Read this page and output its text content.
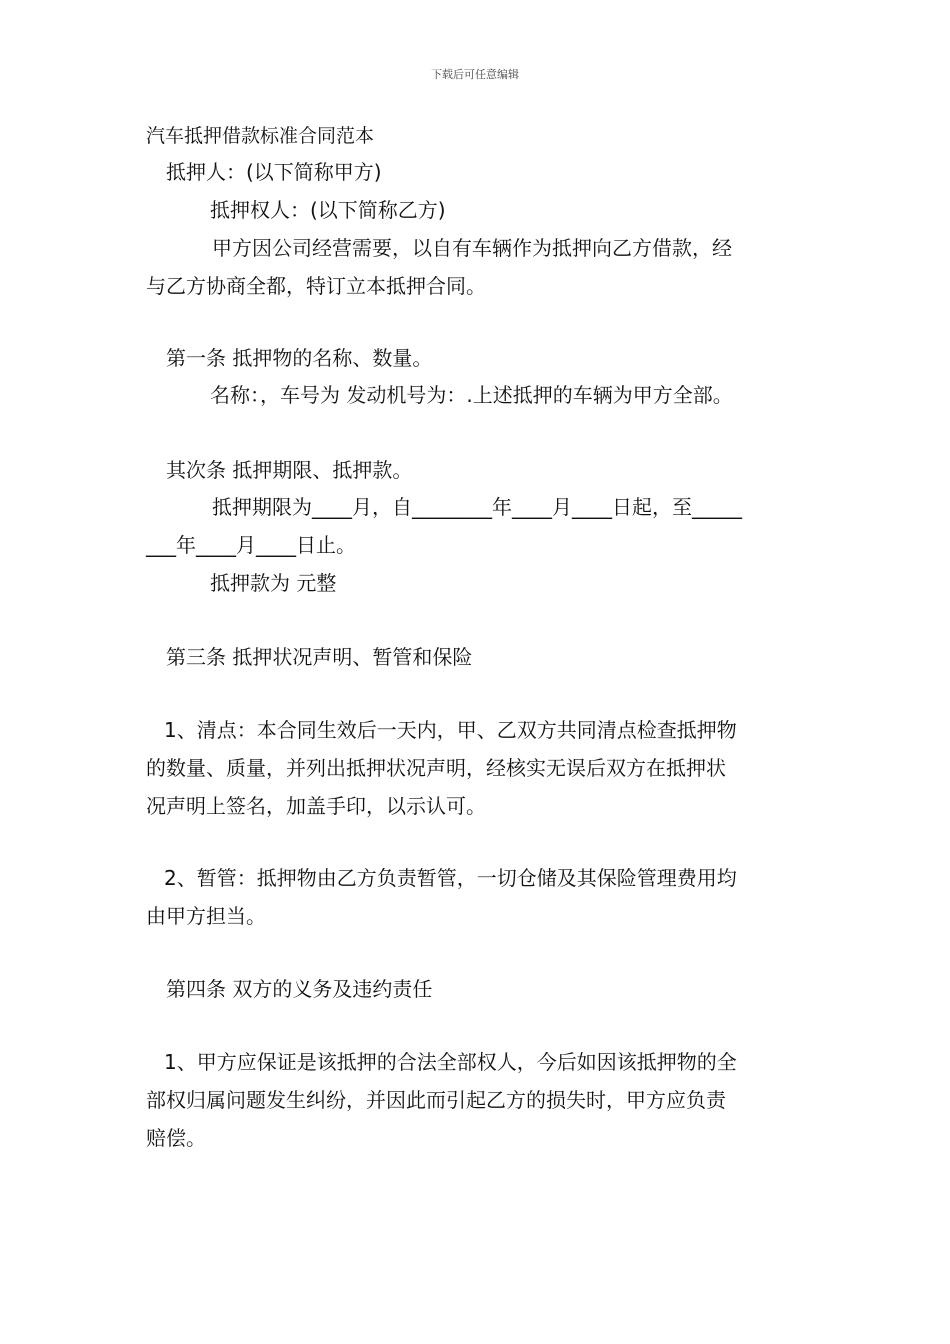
下载后可任意编辑
汽车抵押借款标准合同范本
抵押人：(以下简称甲方)
抵押权人：(以下简称乙方)
甲方因公司经营需要，以自有车辆作为抵押向乙方借款，经
与乙方协商全都，特订立本抵押合同。
第一条 抵押物的名称、数量。
名称：，车号为 发动机号为：.上述抵押的车辆为甲方全部。
其次条 抵押期限、抵押款。
抵押期限为____月，自________年____月____日起，至_____
___年____月____日止。
抵押款为 元整
第三条 抵押状况声明、暂管和保险
1、清点：本合同生效后一天内，甲、乙双方共同清点检查抵押物
的数量、质量，并列出抵押状况声明，经核实无误后双方在抵押状
况声明上签名，加盖手印，以示认可。
2、暂管：抵押物由乙方负责暂管，一切仓储及其保险管理费用均
由甲方担当。
第四条 双方的义务及违约责任
1、甲方应保证是该抵押的合法全部权人，今后如因该抵押物的全
部权归属问题发生纠纷，并因此而引起乙方的损失时，甲方应负责
赔偿。
